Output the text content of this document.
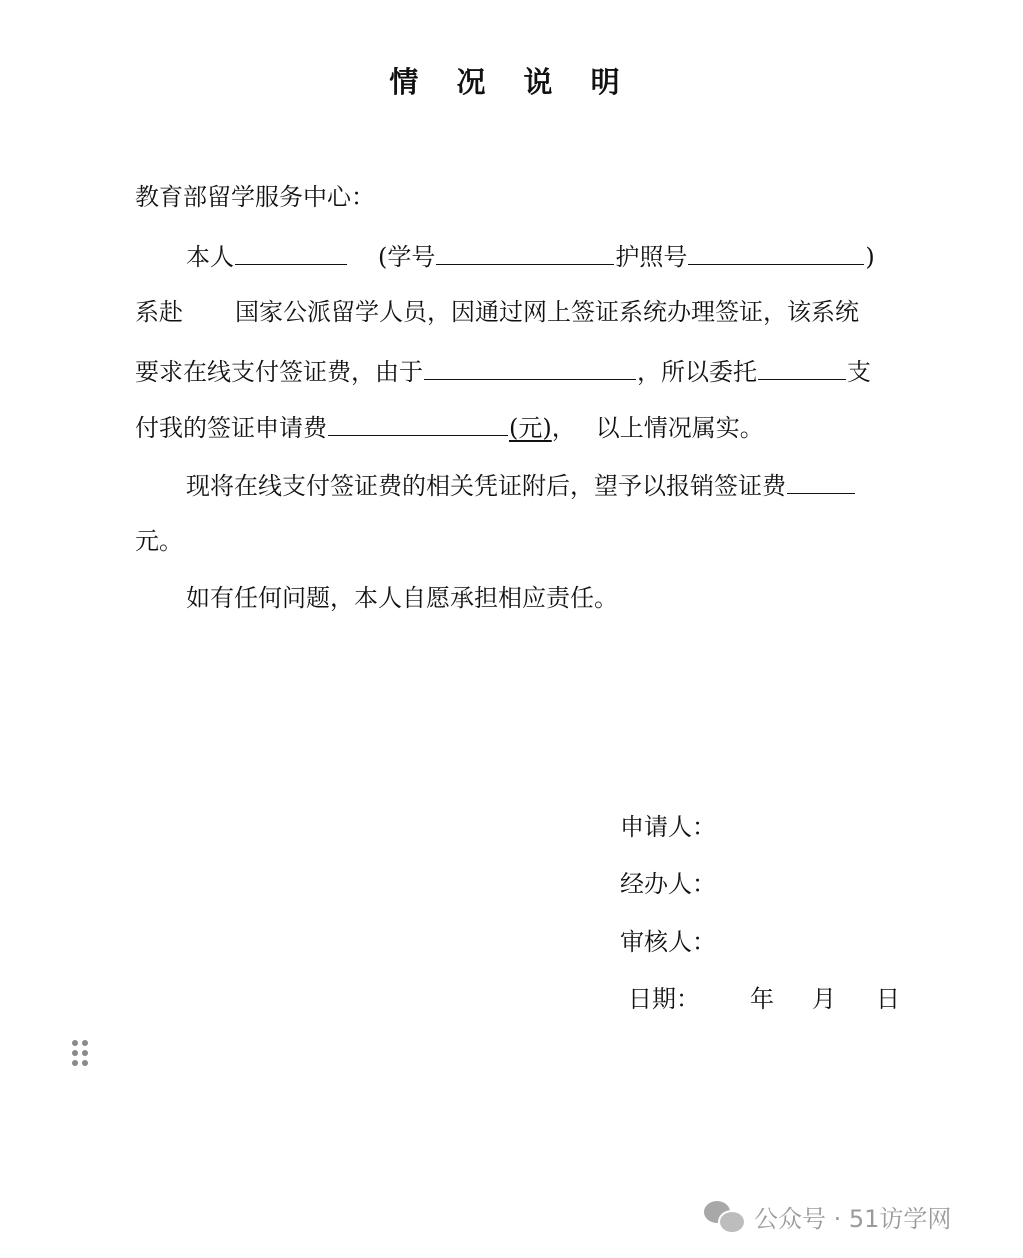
情 况 说 明
教育部留学服务中心：
本人	(学号	护照号	)
系赴 国家公派留学人员，因通过网上签证系统办理签证，该系统
要求在线支付签证费，由于	，所以委托	支
付我的签证申请费	(元)， 以上情况属实。
现将在线支付签证费的相关凭证附后，望予以报销签证费
元。
如有任何问题，本人自愿承担相应责任。
申请人：
经办人：
审核人：
日期： 年 月 日
公众号 · 51访学网
